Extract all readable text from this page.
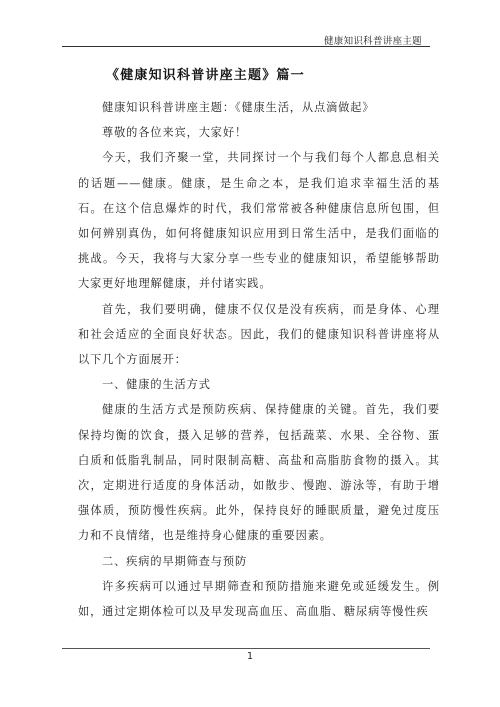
健康知识科普讲座主题
《健康知识科普讲座主题》篇一

健康知识科普讲座主题：《健康生活，从点滴做起》

尊敬的各位来宾，大家好！

今天，我们齐聚一堂，共同探讨一个与我们每个人都息息相关的话题——健康。健康，是生命之本，是我们追求幸福生活的基石。在这个信息爆炸的时代，我们常常被各种健康信息所包围，但如何辨别真伪，如何将健康知识应用到日常生活中，是我们面临的挑战。今天，我将与大家分享一些专业的健康知识，希望能够帮助大家更好地理解健康，并付诸实践。

首先，我们要明确，健康不仅仅是没有疾病，而是身体、心理和社会适应的全面良好状态。因此，我们的健康知识科普讲座将从以下几个方面展开：

一、健康的生活方式

健康的生活方式是预防疾病、保持健康的关键。首先，我们要保持均衡的饮食，摄入足够的营养，包括蔬菜、水果、全谷物、蛋白质和低脂乳制品，同时限制高糖、高盐和高脂肪食物的摄入。其次，定期进行适度的身体活动，如散步、慢跑、游泳等，有助于增强体质，预防慢性疾病。此外，保持良好的睡眠质量，避免过度压力和不良情绪，也是维持身心健康的重要因素。

二、疾病的早期筛查与预防

许多疾病可以通过早期筛查和预防措施来避免或延缓发生。例如，通过定期体检可以及早发现高血压、高血脂、糖尿病等慢性疾

1
